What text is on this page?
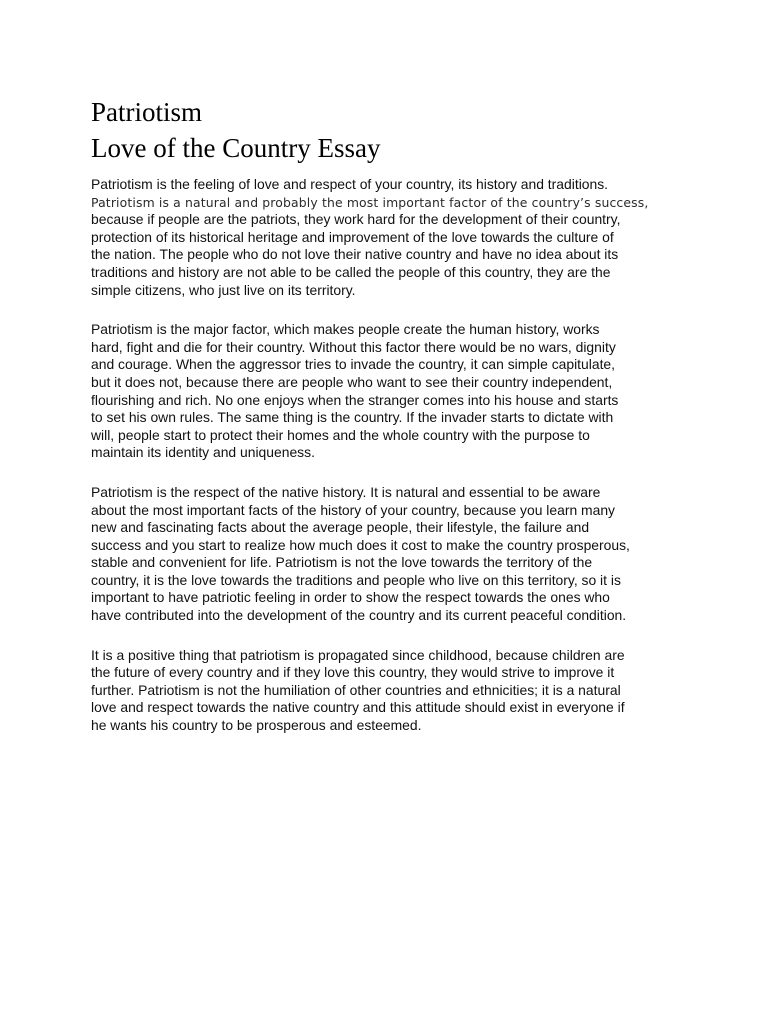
Patriotism
Love of the Country Essay

Patriotism is the feeling of love and respect of your country, its history and traditions.
Patriotism is a natural and probably the most important factor of the country’s success,
because if people are the patriots, they work hard for the development of their country,
protection of its historical heritage and improvement of the love towards the culture of
the nation. The people who do not love their native country and have no idea about its
traditions and history are not able to be called the people of this country, they are the
simple citizens, who just live on its territory.

Patriotism is the major factor, which makes people create the human history, works
hard, fight and die for their country. Without this factor there would be no wars, dignity
and courage. When the aggressor tries to invade the country, it can simple capitulate,
but it does not, because there are people who want to see their country independent,
flourishing and rich. No one enjoys when the stranger comes into his house and starts
to set his own rules. The same thing is the country. If the invader starts to dictate with
will, people start to protect their homes and the whole country with the purpose to
maintain its identity and uniqueness.

Patriotism is the respect of the native history. It is natural and essential to be aware
about the most important facts of the history of your country, because you learn many
new and fascinating facts about the average people, their lifestyle, the failure and
success and you start to realize how much does it cost to make the country prosperous,
stable and convenient for life. Patriotism is not the love towards the territory of the
country, it is the love towards the traditions and people who live on this territory, so it is
important to have patriotic feeling in order to show the respect towards the ones who
have contributed into the development of the country and its current peaceful condition.

It is a positive thing that patriotism is propagated since childhood, because children are
the future of every country and if they love this country, they would strive to improve it
further. Patriotism is not the humiliation of other countries and ethnicities; it is a natural
love and respect towards the native country and this attitude should exist in everyone if
he wants his country to be prosperous and esteemed.
